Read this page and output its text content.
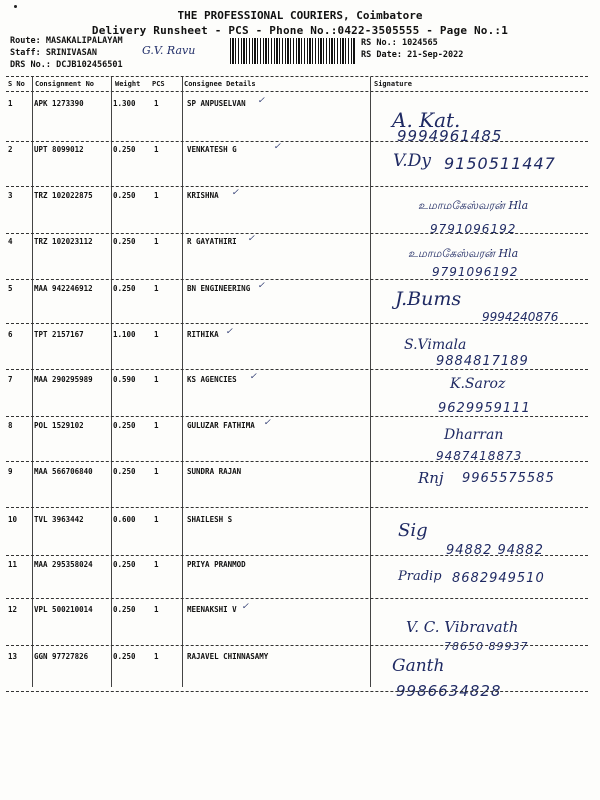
THE PROFESSIONAL COURIERS, Coimbatore
Delivery Runsheet - PCS - Phone No.:0422-3505555 - Page No.:1
Route: MASAKALIPALAYAM
Staff: SRINIVASAN	G.V. Ravu
DRS No.: DCJB102456501
RS No.: 1024565
RS Date: 21-Sep-2022
S No Consignment No	Weight PCS	Consignee Details	Signature
1	APK 1273390	1.300 1	SP ANPUSELVAN ✓
A. Kat.
9994961485
2	UPT 8099012	0.250 1	VENKATESH G	✓
V.Dy 9150511447
3	TRZ 102022875	0.250 1	KRISHNA ✓
உமாமகேஸ்வரன் Hla
9791096192
4	TRZ 102023112	0.250 1	R GAYATHIRI ✓
உமாமகேஸ்வரன் Hla
9791096192
5	MAA 942246912	0.250 1	BN ENGINEERING ✓
J.Bums
9994240876
6	TPT 2157167	1.100 1	RITHIKA ✓
S.Vimala
9884817189
7	MAA 290295989	0.590 1	KS AGENCIES ✓	K.Saroz
9629959111
8	POL 1529102	0.250 1	GULUZAR FATHIMA ✓
Dharran
9487418873
9	MAA 566706840	0.250 1	SUNDRA RAJAN	Rnj 9965575585
10 TVL 3963442	0.600 1	SHAILESH S
Sig
94882 94882
11 MAA 295358024	0.250 1	PRIYA PRANMOD
Pradip 8682949510
12 VPL 500210014	0.250 1	MEENAKSHI V ✓
V. C. Vibravath
78650 89937
13 GGN 97727826	0.250 1	RAJAVEL CHINNASAMY	Ganth
9986634828
